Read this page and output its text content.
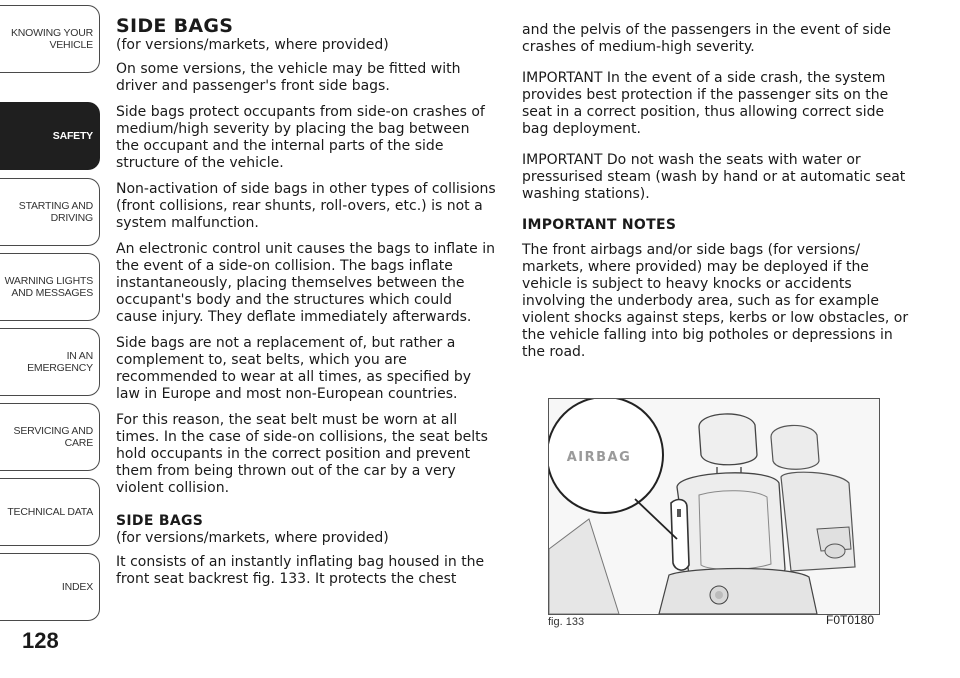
KNOWING YOUR
VEHICLE
SAFETY
STARTING AND
DRIVING
WARNING LIGHTS
AND MESSAGES
IN AN EMERGENCY
SERVICING AND
CARE
TECHNICAL DATA
INDEX
128
SIDE BAGS

(for versions/markets, where provided)

On some versions, the vehicle may be fitted with driver and passenger's front side bags.

Side bags protect occupants from side-on crashes of medium/high severity by placing the bag between the occupant and the internal parts of the side structure of the vehicle.

Non-activation of side bags in other types of collisions (front collisions, rear shunts, roll-overs, etc.) is not a system malfunction.

An electronic control unit causes the bags to inflate in the event of a side-on collision. The bags inflate instantaneously, placing themselves between the occupant's body and the structures which could cause injury. They deflate immediately afterwards.

Side bags are not a replacement of, but rather a complement to, seat belts, which you are recommended to wear at all times, as specified by law in Europe and most non-European countries.

For this reason, the seat belt must be worn at all times. In the case of side-on collisions, the seat belts hold occupants in the correct position and prevent them from being thrown out of the car by a very violent collision.

SIDE BAGS

(for versions/markets, where provided)

It consists of an instantly inflating bag housed in the front seat backrest fig. 133. It protects the chest

and the pelvis of the passengers in the event of side crashes of medium-high severity.

IMPORTANT In the event of a side crash, the system provides best protection if the passenger sits on the seat in a correct position, thus allowing correct side bag deployment.

IMPORTANT Do not wash the seats with water or pressurised steam (wash by hand or at automatic seat washing stations).

IMPORTANT NOTES

The front airbags and/or side bags (for versions/ markets, where provided) may be deployed if the vehicle is subject to heavy knocks or accidents involving the underbody area, such as for example violent shocks against steps, kerbs or low obstacles, or the vehicle falling into big potholes or depressions in the road.

AIRBAG
fig. 133	F0T0180
